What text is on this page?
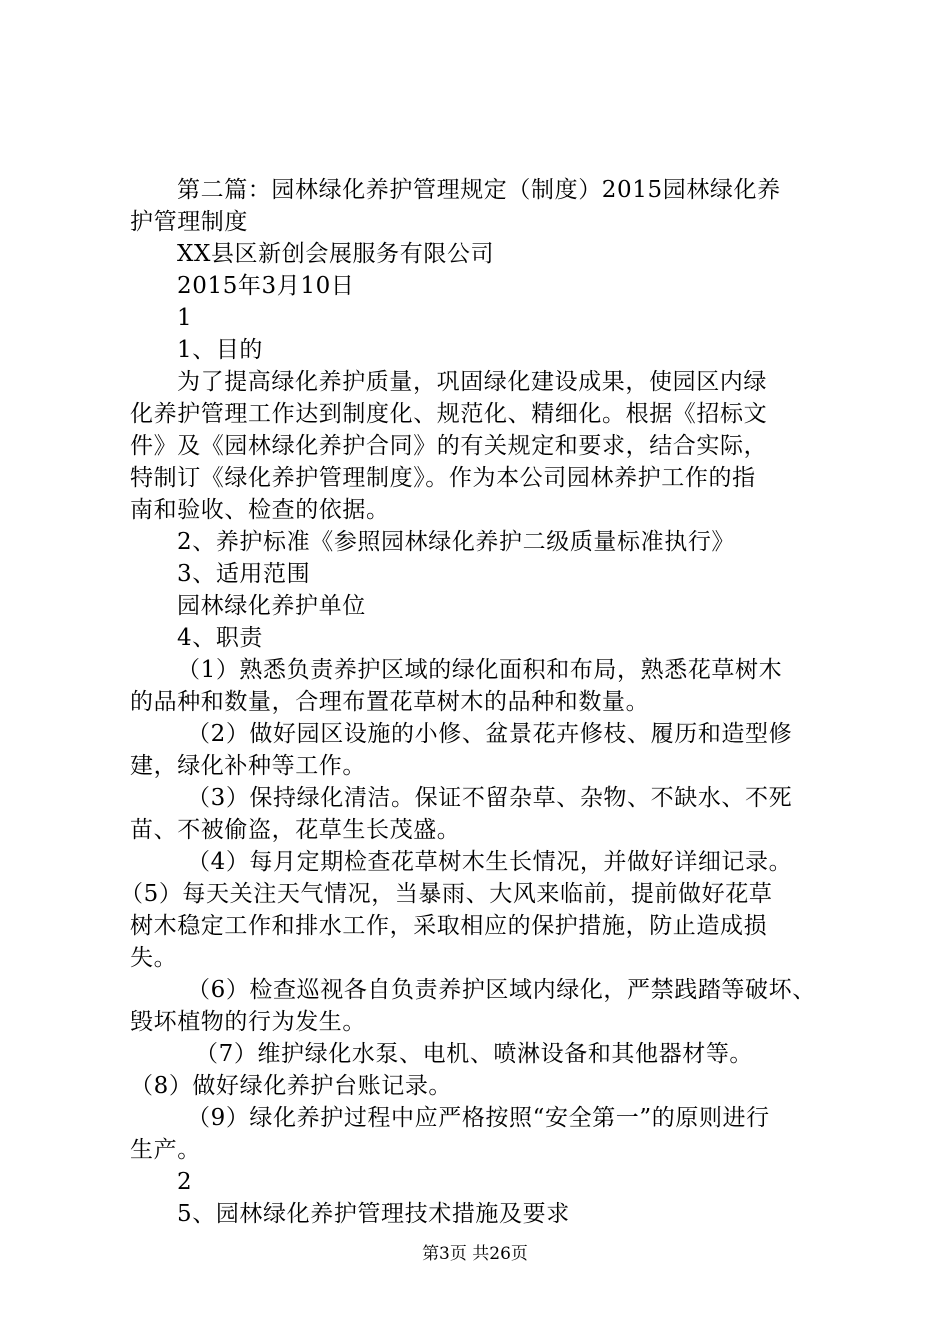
第二篇：园林绿化养护管理规定（制度）2015园林绿化养
护管理制度
XX县区新创会展服务有限公司
2015年3月10日
1
1、目的
为了提高绿化养护质量，巩固绿化建设成果，使园区内绿
化养护管理工作达到制度化、规范化、精细化。根据《招标文
件》及《园林绿化养护合同》的有关规定和要求，结合实际，
特制订《绿化养护管理制度》。作为本公司园林养护工作的指
南和验收、检查的依据。
2、养护标准《参照园林绿化养护二级质量标准执行》
3、适用范围
园林绿化养护单位
4、职责
（1）熟悉负责养护区域的绿化面积和布局，熟悉花草树木
的品种和数量，合理布置花草树木的品种和数量。
（2）做好园区设施的小修、盆景花卉修枝、履历和造型修
建，绿化补种等工作。
（3）保持绿化清洁。保证不留杂草、杂物、不缺水、不死
苗、不被偷盗，花草生长茂盛。
（4）每月定期检查花草树木生长情况，并做好详细记录。
（5）每天关注天气情况，当暴雨、大风来临前，提前做好花草
树木稳定工作和排水工作，采取相应的保护措施，防止造成损
失。
（6）检查巡视各自负责养护区域内绿化，严禁践踏等破坏、
毁坏植物的行为发生。
（7）维护绿化水泵、电机、喷淋设备和其他器材等。
（8）做好绿化养护台账记录。
（9）绿化养护过程中应严格按照“安全第一”的原则进行
生产。
2
5、园林绿化养护管理技术措施及要求
第3页 共26页
